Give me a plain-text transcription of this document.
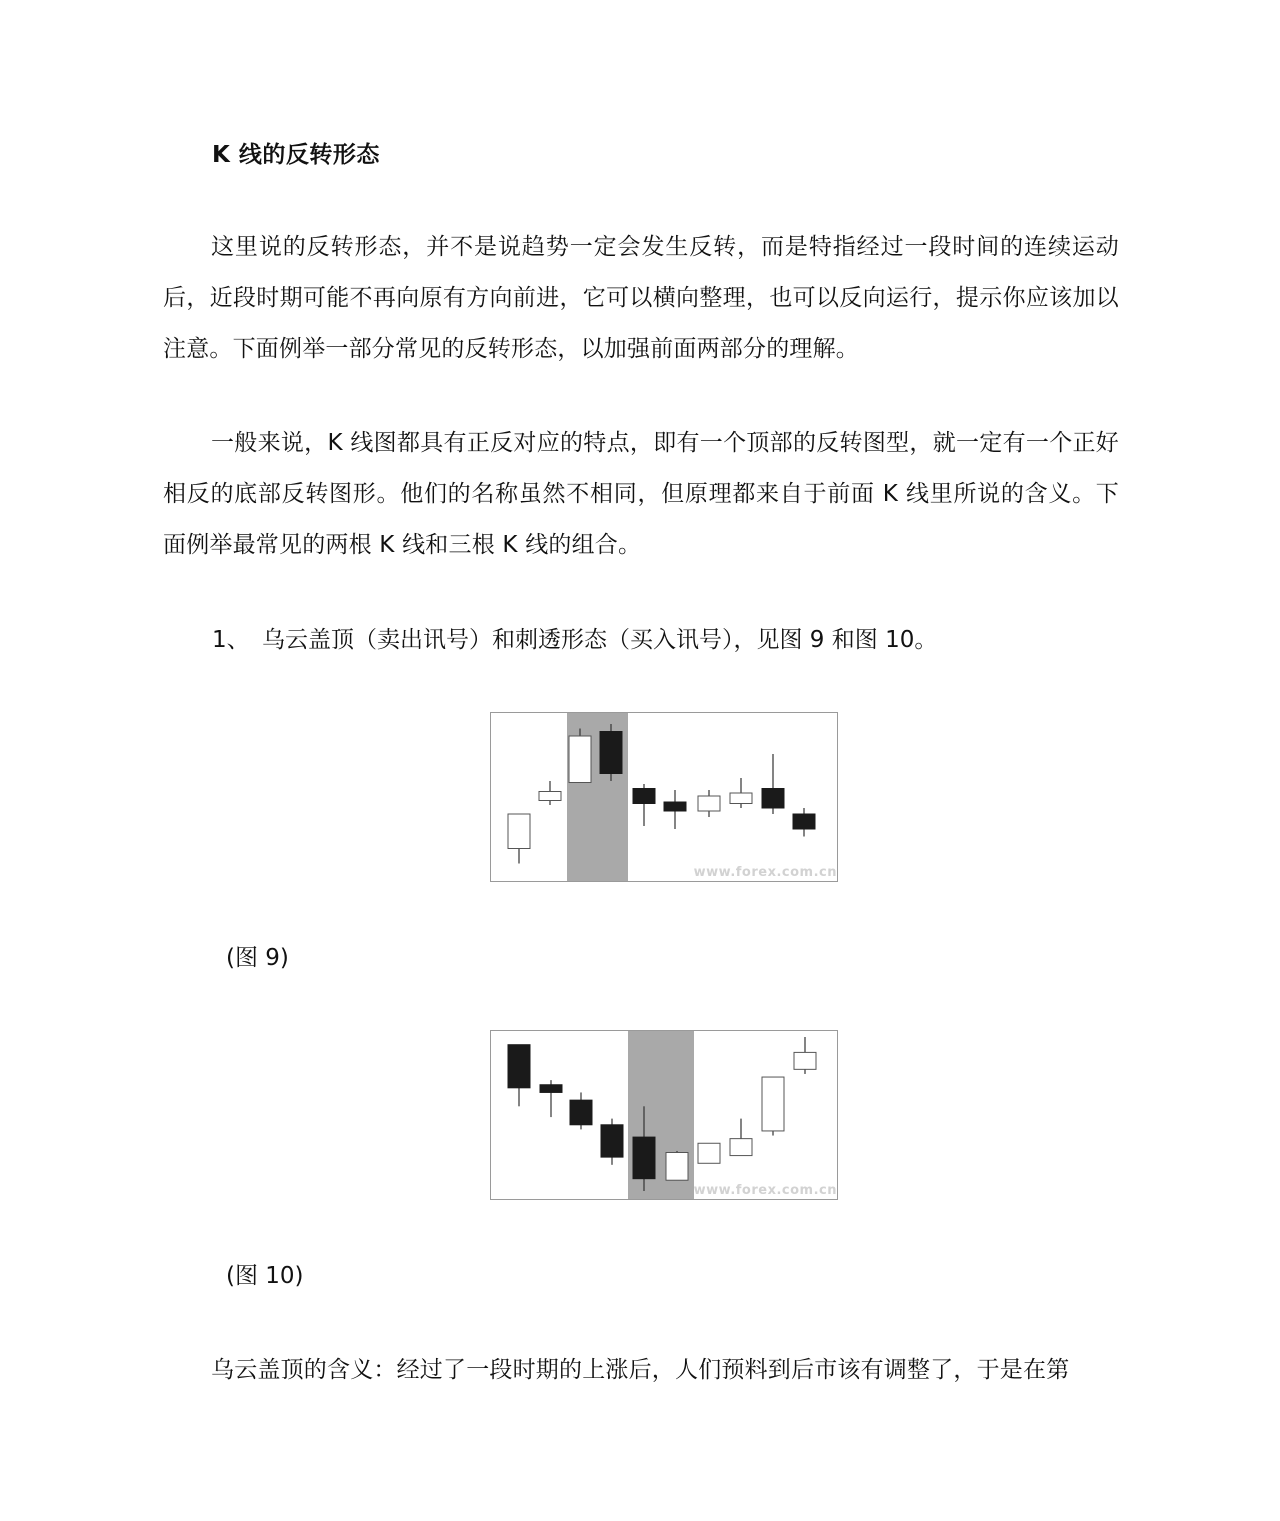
K 线的反转形态

这里说的反转形态，并不是说趋势一定会发生反转，而是特指经过一段时间的连续运动后，近段时期可能不再向原有方向前进，它可以横向整理，也可以反向运行，提示你应该加以注意。下面例举一部分常见的反转形态，以加强前面两部分的理解。

一般来说，K 线图都具有正反对应的特点，即有一个顶部的反转图型，就一定有一个正好相反的底部反转图形。他们的名称虽然不相同，但原理都来自于前面 K 线里所说的含义。下面例举最常见的两根 K 线和三根 K 线的组合。

1、 乌云盖顶（卖出讯号）和刺透形态（买入讯号），见图 9 和图 10。
www.forex.com.cn
(图 9)
www.forex.com.cn
(图 10)

乌云盖顶的含义：经过了一段时期的上涨后，人们预料到后市该有调整了，于是在第
